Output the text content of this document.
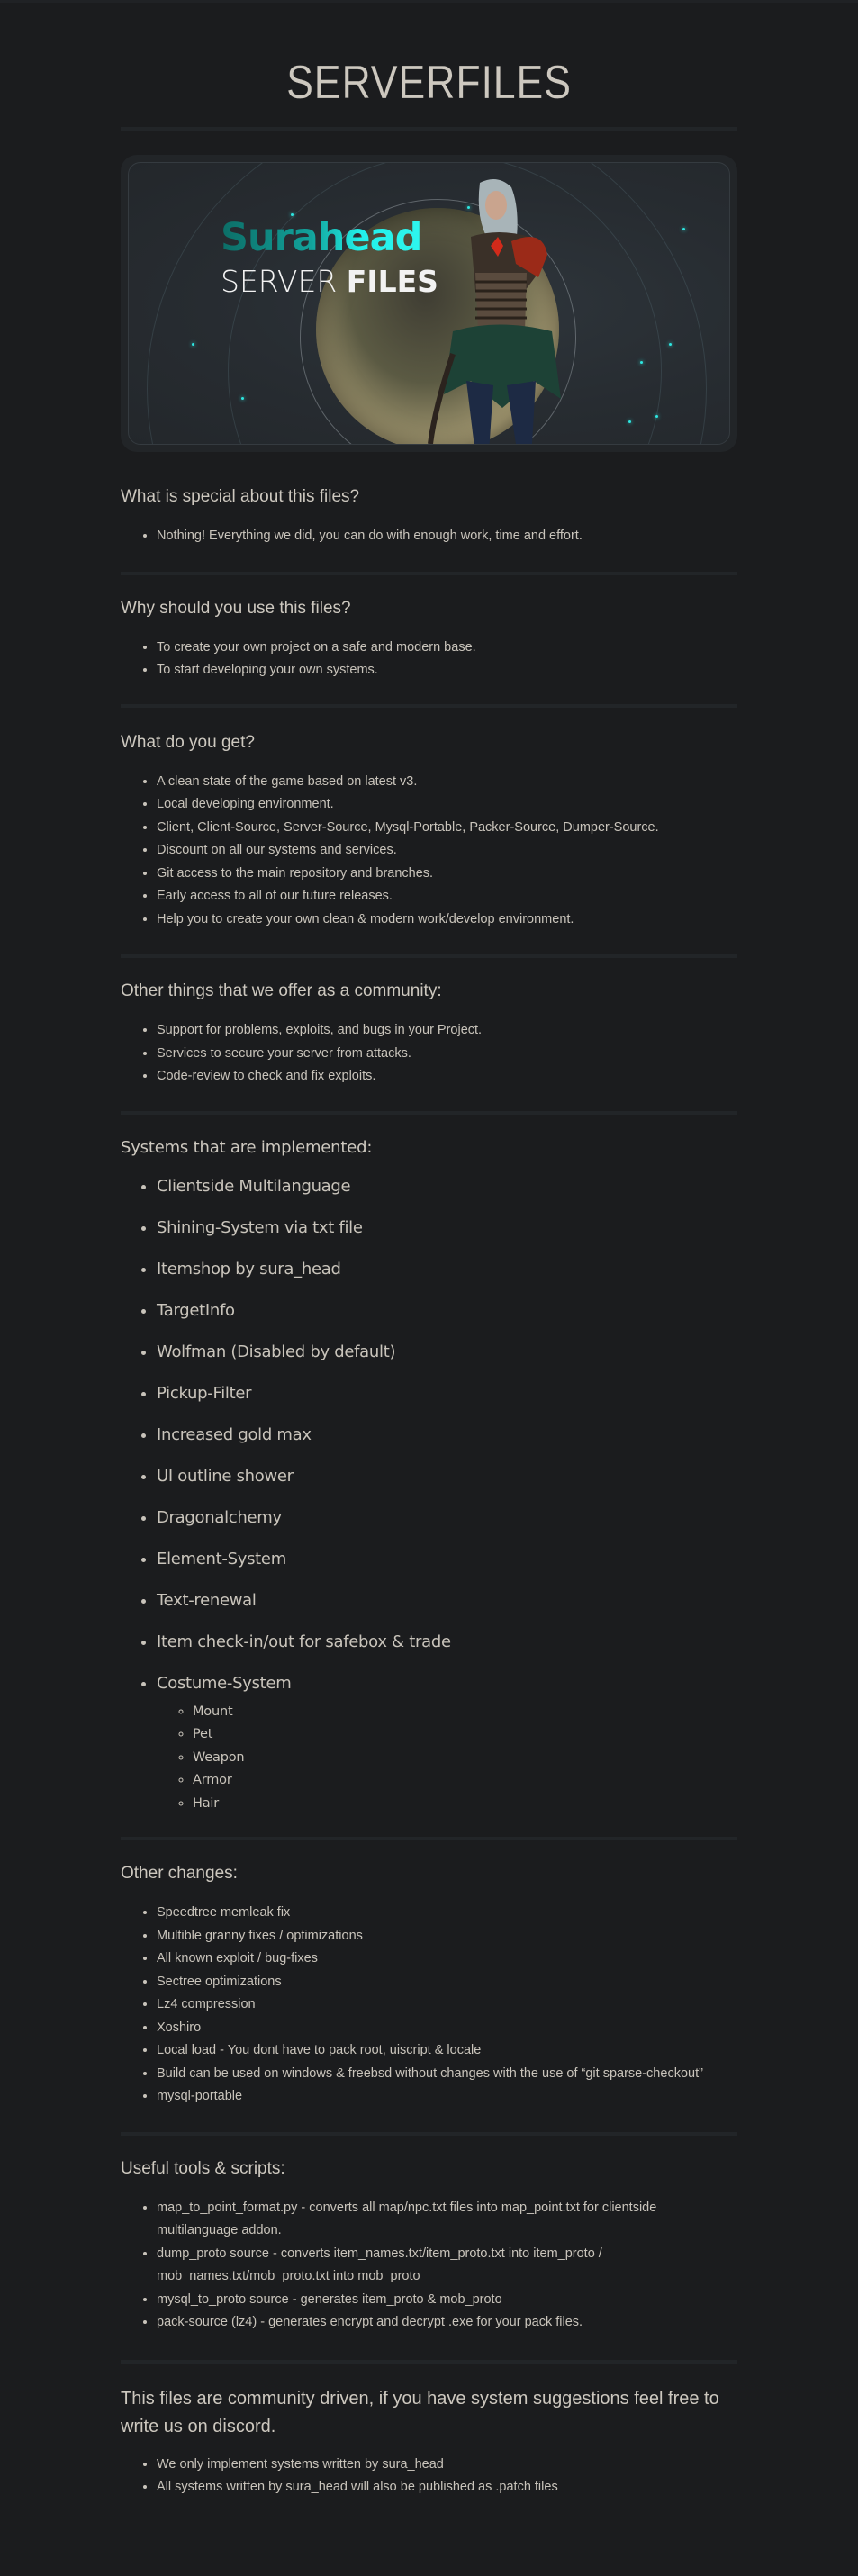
SERVERFILES
Surahead
SERVER FILES
What is special about this files?
• Nothing! Everything we did, you can do with enough work, time and effort.
Why should you use this files?
• To create your own project on a safe and modern base.
• To start developing your own systems.
What do you get?
• A clean state of the game based on latest v3.
• Local developing environment.
• Client, Client-Source, Server-Source, Mysql-Portable, Packer-Source, Dumper-Source.
• Discount on all our systems and services.
• Git access to the main repository and branches.
• Early access to all of our future releases.
• Help you to create your own clean & modern work/develop environment.
Other things that we offer as a community:
• Support for problems, exploits, and bugs in your Project.
• Services to secure your server from attacks.
• Code-review to check and fix exploits.
Systems that are implemented:
• Clientside Multilanguage
• Shining-System via txt file
• Itemshop by sura_head
• TargetInfo
• Wolfman (Disabled by default)
• Pickup-Filter
• Increased gold max
• UI outline shower
• Dragonalchemy
• Element-System
• Text-renewal
• Item check-in/out for safebox & trade
• Costume-System
◦ Mount
◦ Pet
◦ Weapon
◦ Armor
◦ Hair
Other changes:
• Speedtree memleak fix
• Multible granny fixes / optimizations
• All known exploit / bug-fixes
• Sectree optimizations
• Lz4 compression
• Xoshiro
• Local load - You dont have to pack root, uiscript & locale
• Build can be used on windows & freebsd without changes with the use of “git sparse-checkout”
• mysql-portable
Useful tools & scripts:
• map_to_point_format.py - converts all map/npc.txt files into map_point.txt for clientside multilanguage addon.
• dump_proto source - converts item_names.txt/item_proto.txt into item_proto / mob_names.txt/mob_proto.txt into mob_proto
• mysql_to_proto source - generates item_proto & mob_proto
• pack-source (lz4) - generates encrypt and decrypt .exe for your pack files.

This files are community driven, if you have system suggestions feel free to write us on discord.

• We only implement systems written by sura_head
• All systems written by sura_head will also be published as .patch files
